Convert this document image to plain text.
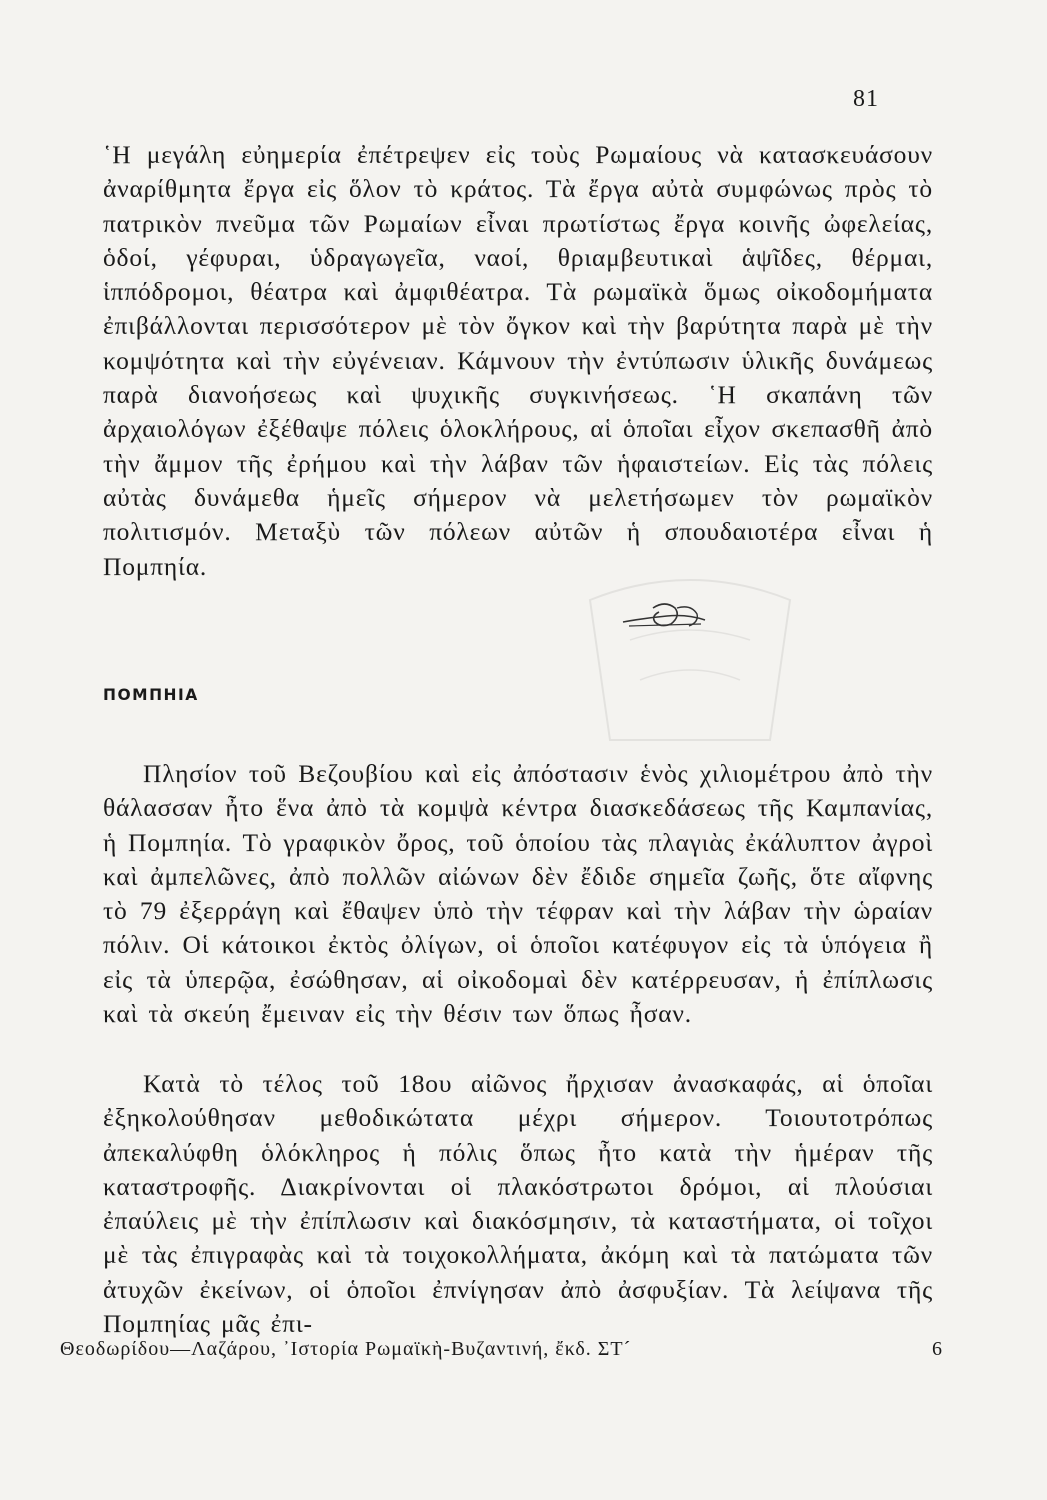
81

῾Η μεγάλη εὐημερία ἐπέτρεψεν εἰς τοὺς Ρωμαίους νὰ κατασκευάσουν ἀναρίθμητα ἔργα εἰς ὅλον τὸ κράτος. Τὰ ἔργα αὐτὰ συμφώνως πρὸς τὸ πατρικὸν πνεῦμα τῶν Ρωμαίων εἶναι πρωτίστως ἔργα κοινῆς ὠφελείας, ὁδοί, γέφυραι, ὑδραγωγεῖα, ναοί, θριαμβευτικαὶ ἁψῖδες, θέρμαι, ἱππόδρομοι, θέατρα καὶ ἀμφιθέατρα. Τὰ ρωμαϊκὰ ὅμως οἰκοδομήματα ἐπιβάλλονται περισσότερον μὲ τὸν ὄγκον καὶ τὴν βαρύτητα παρὰ μὲ τὴν κομψότητα καὶ τὴν εὐγένειαν. Κάμνουν τὴν ἐντύπωσιν ὑλικῆς δυνάμεως παρὰ διανοήσεως καὶ ψυχικῆς συγκινήσεως. ῾Η σκαπάνη τῶν ἀρχαιολόγων ἐξέθαψε πόλεις ὁλοκλήρους, αἱ ὁποῖαι εἶχον σκεπασθῆ ἀπὸ τὴν ἄμμον τῆς ἐρήμου καὶ τὴν λάβαν τῶν ἡφαιστείων. Εἰς τὰς πόλεις αὐτὰς δυνάμεθα ἡμεῖς σήμερον νὰ μελετήσωμεν τὸν ρωμαϊκὸν πολιτισμόν. Μεταξὺ τῶν πόλεων αὐτῶν ἡ σπουδαιοτέρα εἶναι ἡ Πομπηία.

ΠΟΜΠΗΙΑ

Πλησίον τοῦ Βεζουβίου καὶ εἰς ἀπόστασιν ἑνὸς χιλιομέτρου ἀπὸ τὴν θάλασσαν ἦτο ἕνα ἀπὸ τὰ κομψὰ κέντρα διασκεδάσεως τῆς Καμπανίας, ἡ Πομπηία. Τὸ γραφικὸν ὄρος, τοῦ ὁποίου τὰς πλαγιὰς ἐκάλυπτον ἀγροὶ καὶ ἀμπελῶνες, ἀπὸ πολλῶν αἰώνων δὲν ἔδιδε σημεῖα ζωῆς, ὅτε αἴφνης τὸ 79 ἐξερράγη καὶ ἔθαψεν ὑπὸ τὴν τέφραν καὶ τὴν λάβαν τὴν ὡραίαν πόλιν. Οἱ κάτοικοι ἐκτὸς ὀλίγων, οἱ ὁποῖοι κατέφυγον εἰς τὰ ὑπόγεια ἢ εἰς τὰ ὑπερῷα, ἐσώθησαν, αἱ οἰκοδομαὶ δὲν κατέρρευσαν, ἡ ἐπίπλωσις καὶ τὰ σκεύη ἔμειναν εἰς τὴν θέσιν των ὅπως ἦσαν.

Κατὰ τὸ τέλος τοῦ 18ου αἰῶνος ἤρχισαν ἀνασκαφάς, αἱ ὁποῖαι ἐξηκολούθησαν μεθοδικώτατα μέχρι σήμερον. Τοιουτοτρόπως ἀπεκαλύφθη ὁλόκληρος ἡ πόλις ὅπως ἦτο κατὰ τὴν ἡμέραν τῆς καταστροφῆς. Διακρίνονται οἱ πλακόστρωτοι δρόμοι, αἱ πλούσιαι ἐπαύλεις μὲ τὴν ἐπίπλωσιν καὶ διακόσμησιν, τὰ καταστήματα, οἱ τοῖχοι μὲ τὰς ἐπιγραφὰς καὶ τὰ τοιχοκολλήματα, ἀκόμη καὶ τὰ πατώματα τῶν ἀτυχῶν ἐκείνων, οἱ ὁποῖοι ἐπνίγησαν ἀπὸ ἀσφυξίαν. Τὰ λείψανα τῆς Πομπηίας μᾶς ἐπι-

Θεοδωρίδου—Λαζάρου, ᾿Ιστορία Ρωμαϊκὴ-Βυζαντινή, ἔκδ. ΣΤ´	6
